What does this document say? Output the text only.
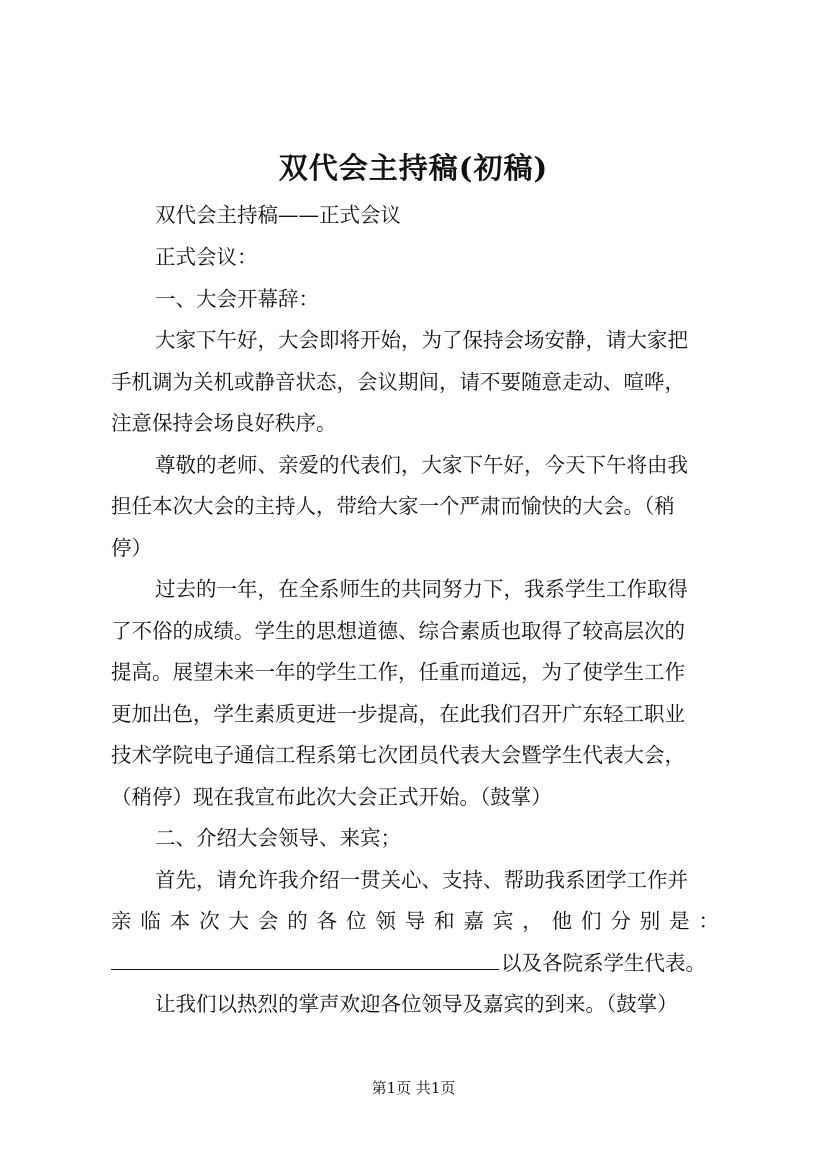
双代会主持稿(初稿)
双代会主持稿——正式会议
正式会议：
一、大会开幕辞：
大家下午好，大会即将开始，为了保持会场安静，请大家把
手机调为关机或静音状态，会议期间，请不要随意走动、喧哗，
注意保持会场良好秩序。
尊敬的老师、亲爱的代表们，大家下午好，今天下午将由我
担任本次大会的主持人，带给大家一个严肃而愉快的大会。（稍
停）
过去的一年，在全系师生的共同努力下，我系学生工作取得
了不俗的成绩。学生的思想道德、综合素质也取得了较高层次的
提高。展望未来一年的学生工作，任重而道远，为了使学生工作
更加出色，学生素质更进一步提高，在此我们召开广东轻工职业
技术学院电子通信工程系第七次团员代表大会暨学生代表大会，
（稍停）现在我宣布此次大会正式开始。（鼓掌）
二、介绍大会领导、来宾；
首先，请允许我介绍一贯关心、支持、帮助我系团学工作并
亲 临 本 次 大 会 的 各 位 领 导 和 嘉 宾 ， 他 们 分 别 是 ：
以及各院系学生代表。
让我们以热烈的掌声欢迎各位领导及嘉宾的到来。（鼓掌）
第1页 共1页
